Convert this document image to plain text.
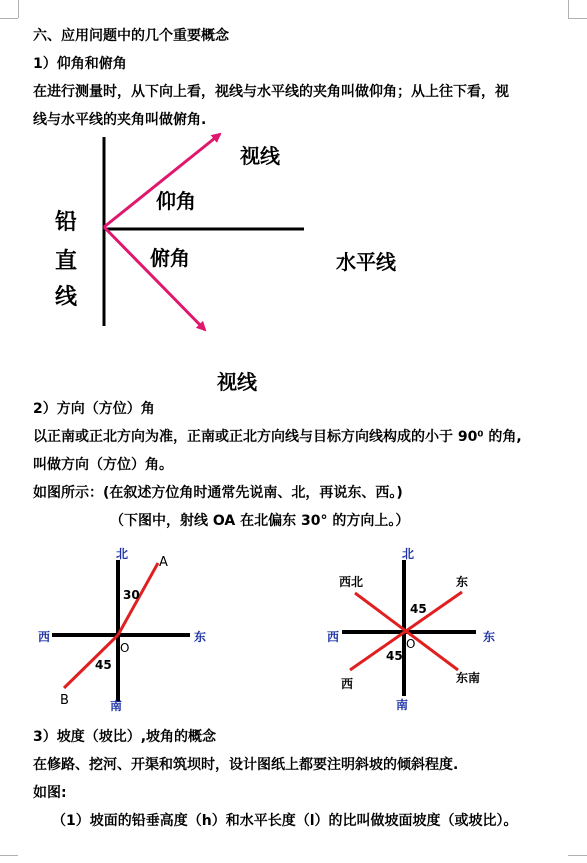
六、应用问题中的几个重要概念
1）仰角和俯角
在进行测量时，从下向上看，视线与水平线的夹角叫做仰角；从上往下看，视
线与水平线的夹角叫做俯角.
视线
仰角
铅
直
线
俯角	水平线
视线
2）方向（方位）角
以正南或正北方向为准，正南或正北方向线与目标方向线构成的小于 90⁰ 的角,
叫做方向（方位）角。
如图所示：(在叙述方位角时通常先说南、北，再说东、西。)
（下图中，射线 OA 在北偏东 30° 的方向上。）
北
A
30
西	东
O
45
B	南
北
西北	东
45
西	东
O
45
东南
西
南
3）坡度（坡比）,坡角的概念
在修路、挖河、开渠和筑坝时，设计图纸上都要注明斜坡的倾斜程度.
如图:
（1）坡面的铅垂高度（h）和水平长度（l）的比叫做坡面坡度（或坡比）。
